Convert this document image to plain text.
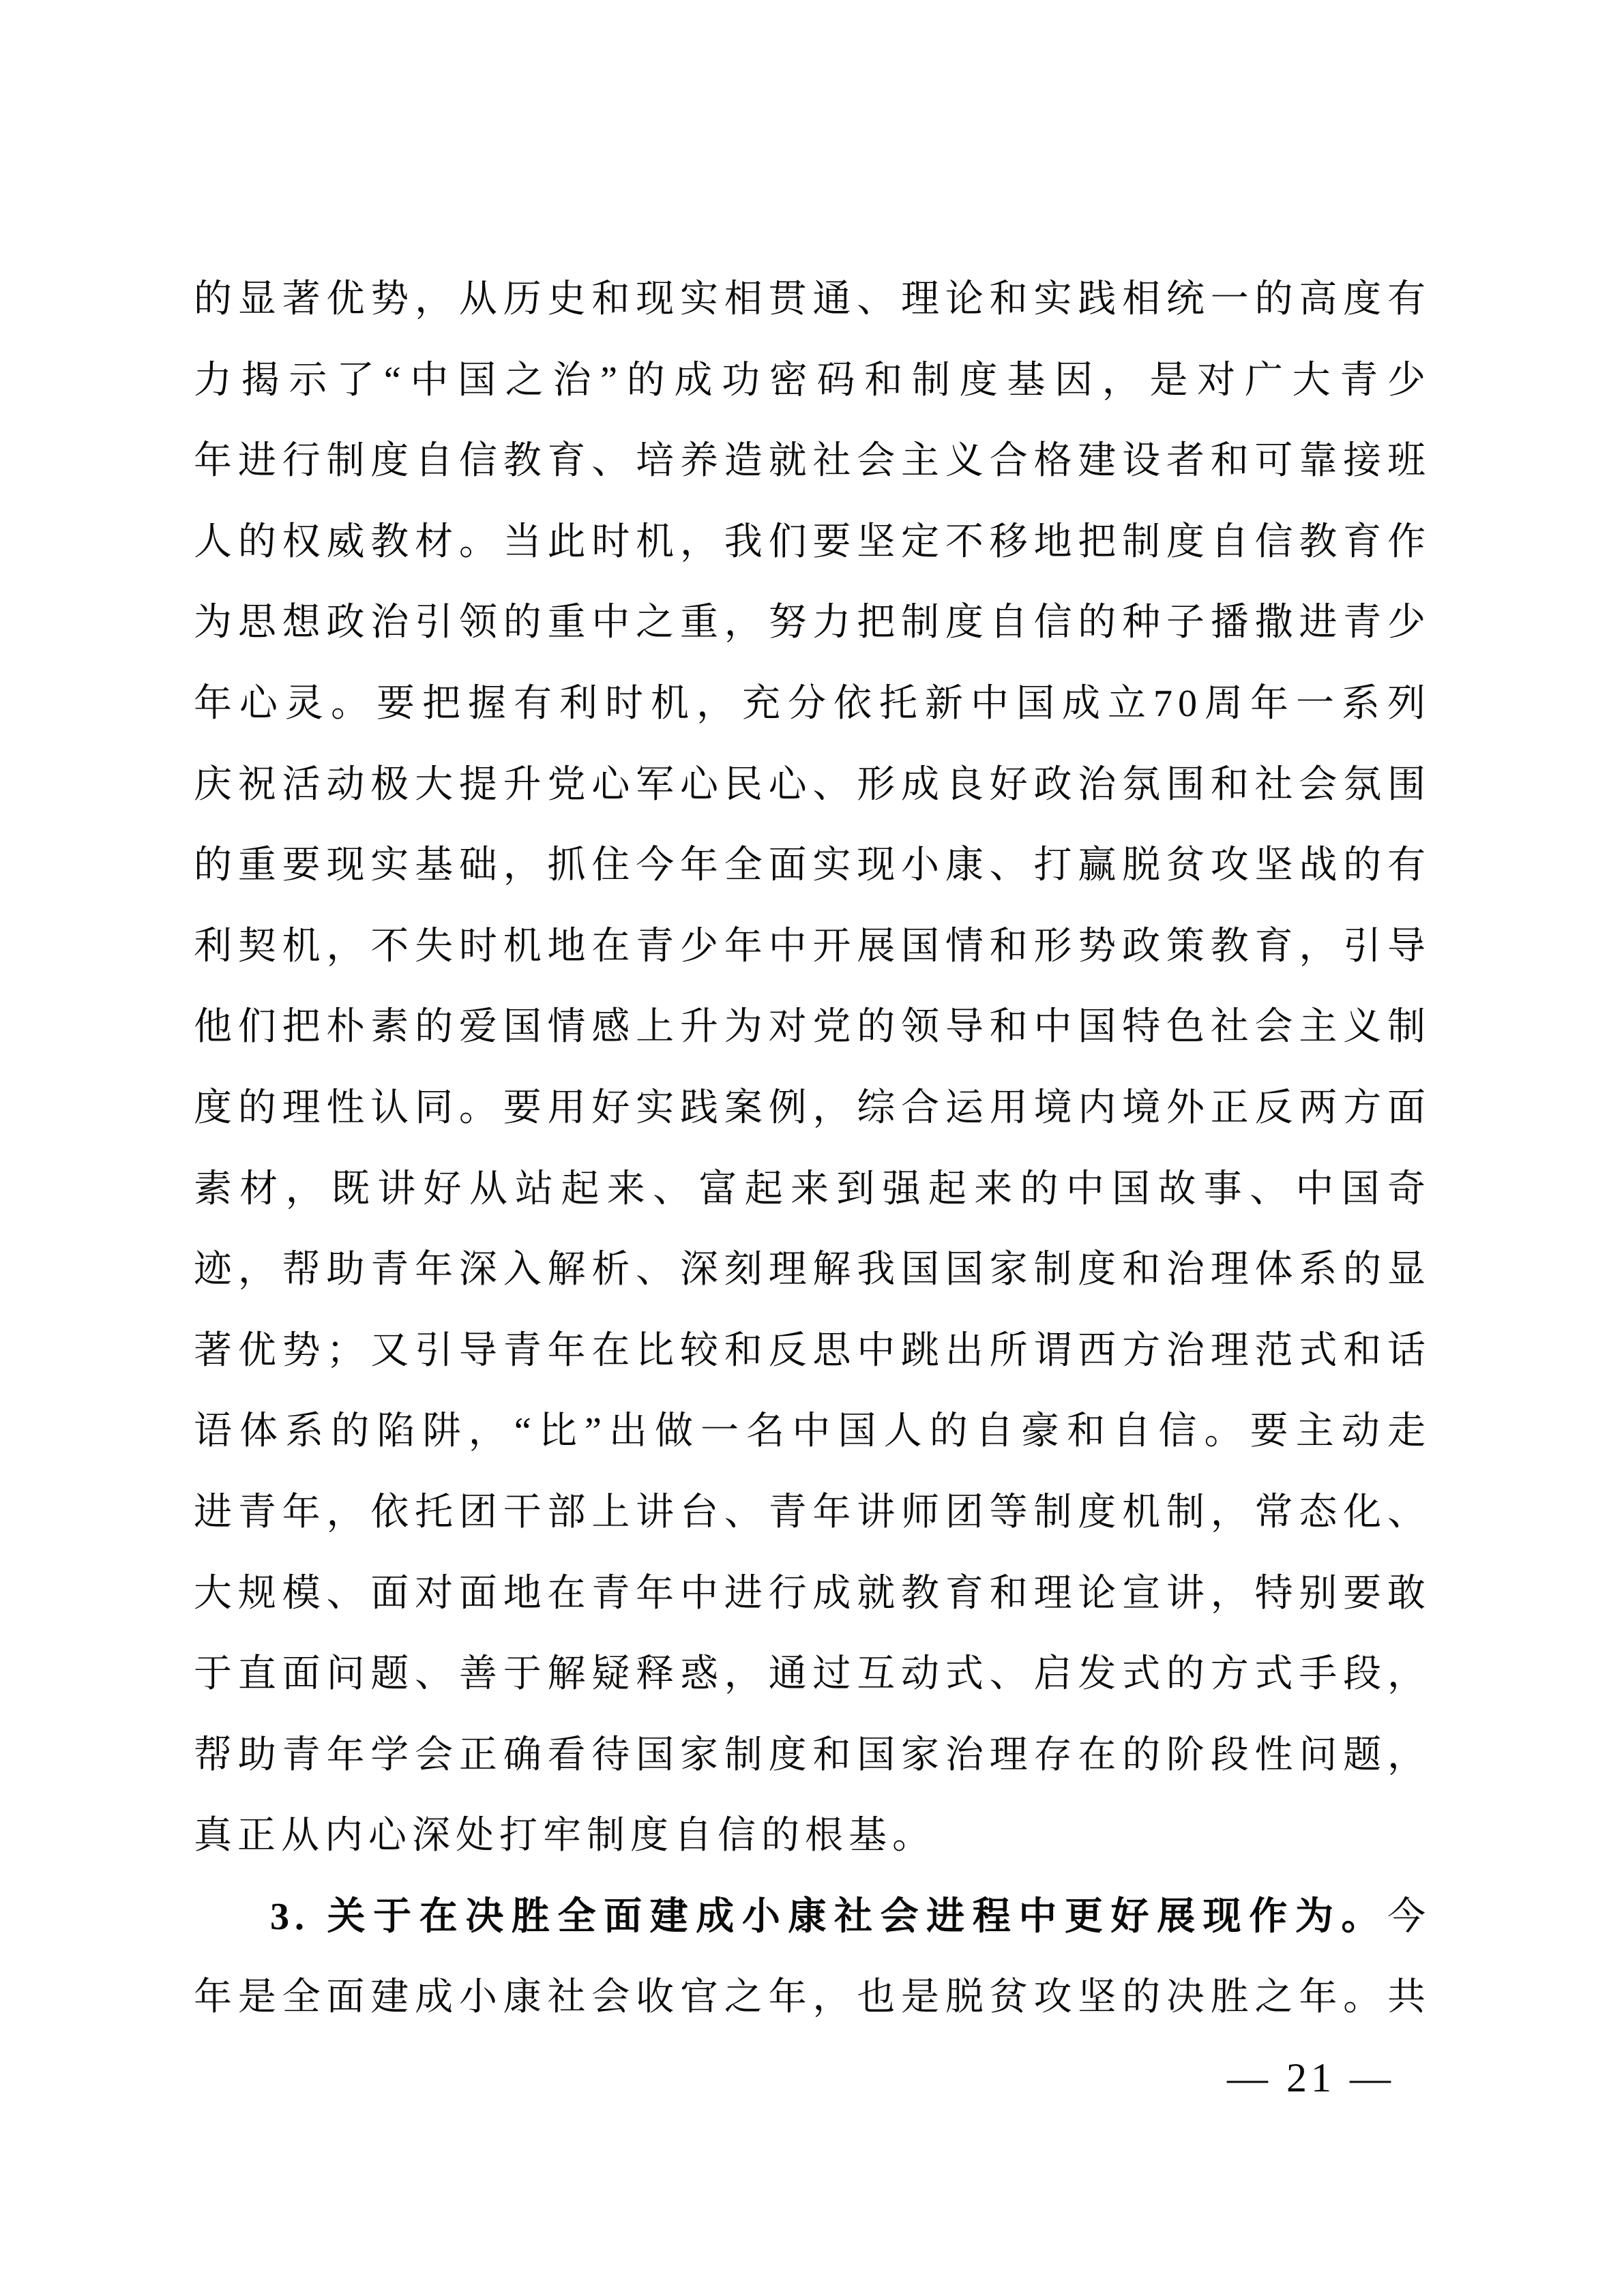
的显著优势，从历史和现实相贯通、理论和实践相统一的高度有
力揭示了“中国之治”的成功密码和制度基因，是对广大青少
年进行制度自信教育、培养造就社会主义合格建设者和可靠接班
人的权威教材。当此时机，我们要坚定不移地把制度自信教育作
为思想政治引领的重中之重，努力把制度自信的种子播撒进青少
年心灵。要把握有利时机，充分依托新中国成立70周年一系列
庆祝活动极大提升党心军心民心、形成良好政治氛围和社会氛围
的重要现实基础，抓住今年全面实现小康、打赢脱贫攻坚战的有
利契机，不失时机地在青少年中开展国情和形势政策教育，引导
他们把朴素的爱国情感上升为对党的领导和中国特色社会主义制
度的理性认同。要用好实践案例，综合运用境内境外正反两方面
素材，既讲好从站起来、富起来到强起来的中国故事、中国奇
迹，帮助青年深入解析、深刻理解我国国家制度和治理体系的显
著优势；又引导青年在比较和反思中跳出所谓西方治理范式和话
语体系的陷阱，“比”出做一名中国人的自豪和自信。要主动走
进青年，依托团干部上讲台、青年讲师团等制度机制，常态化、
大规模、面对面地在青年中进行成就教育和理论宣讲，特别要敢
于直面问题、善于解疑释惑，通过互动式、启发式的方式手段，
帮助青年学会正确看待国家制度和国家治理存在的阶段性问题，
真正从内心深处打牢制度自信的根基。
3. 关于在决胜全面建成小康社会进程中更好展现作为。今
年是全面建成小康社会收官之年，也是脱贫攻坚的决胜之年。共
— 21 —
